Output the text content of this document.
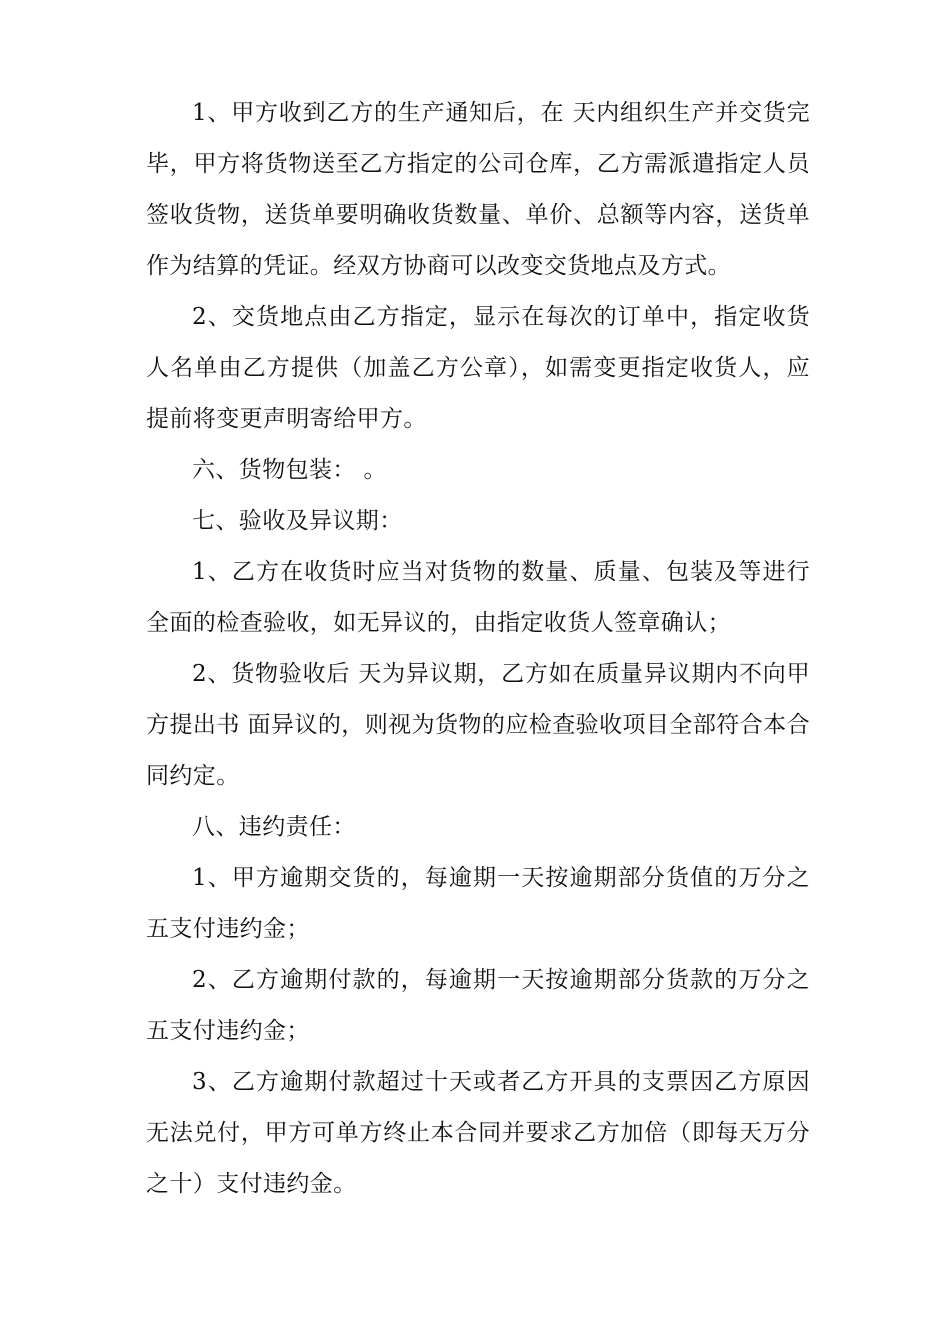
1、甲方收到乙方的生产通知后，在 天内组织生产并交货完毕，甲方将货物送至乙方指定的公司仓库，乙方需派遣指定人员签收货物，送货单要明确收货数量、单价、总额等内容，送货单作为结算的凭证。经双方协商可以改变交货地点及方式。

2、交货地点由乙方指定，显示在每次的订单中，指定收货人名单由乙方提供（加盖乙方公章），如需变更指定收货人，应提前将变更声明寄给甲方。

六、货物包装： 。

七、验收及异议期：

1、乙方在收货时应当对货物的数量、质量、包装及等进行全面的检查验收，如无异议的，由指定收货人签章确认；

2、货物验收后 天为异议期，乙方如在质量异议期内不向甲方提出书 面异议的，则视为货物的应检查验收项目全部符合本合同约定。

八、违约责任：

1、甲方逾期交货的，每逾期一天按逾期部分货值的万分之五支付违约金；

2、乙方逾期付款的，每逾期一天按逾期部分货款的万分之五支付违约金；

3、乙方逾期付款超过十天或者乙方开具的支票因乙方原因无法兑付，甲方可单方终止本合同并要求乙方加倍（即每天万分之十）支付违约金。
